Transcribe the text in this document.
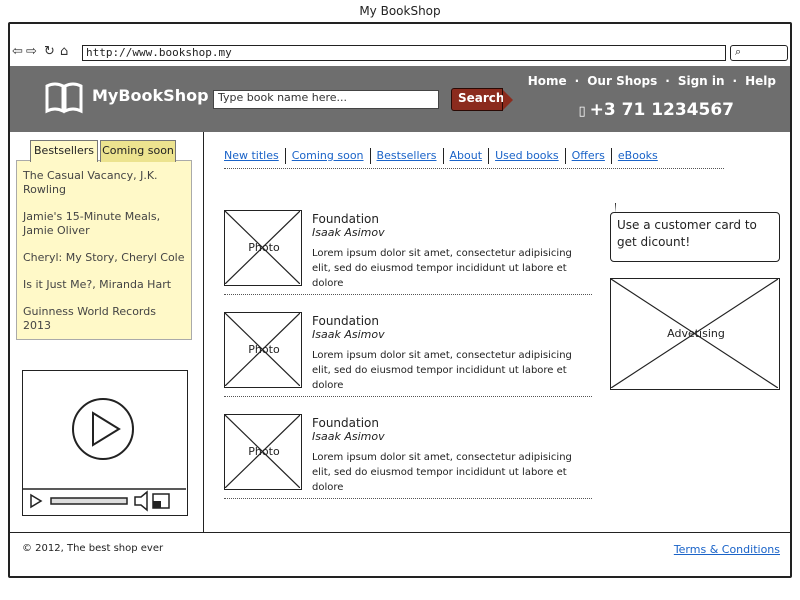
My BookShop
⇦ ⇨ ↻ ⌂	http://www.bookshop.my	⌕
MyBookShop Type book name here...	Search
Home · Our Shops · Sign in · Help
▯ +3 71 1234567
The Casual Vacancy, J.K. Rowling
Jamie's 15-Minute Meals, Jamie Oliver
Cheryl: My Story, Cheryl Cole
Is it Just Me?, Miranda Hart
Guinness World Records 2013
Bestsellers Coming soon	New titles	Coming soon	Bestsellers	About	Used books	Offers	eBooks
Photo
Foundation
Isaak Asimov
Lorem ipsum dolor sit amet, consectetur adipisicing elit, sed do eiusmod tempor incididunt ut labore et dolore
Photo
Foundation
Isaak Asimov
Lorem ipsum dolor sit amet, consectetur adipisicing elit, sed do eiusmod tempor incididunt ut labore et dolore
Photo
Foundation
Isaak Asimov
Lorem ipsum dolor sit amet, consectetur adipisicing elit, sed do eiusmod tempor incididunt ut labore et dolore
Use a customer card to get dicount!
Advetising
© 2012, The best shop ever	Terms & Conditions
